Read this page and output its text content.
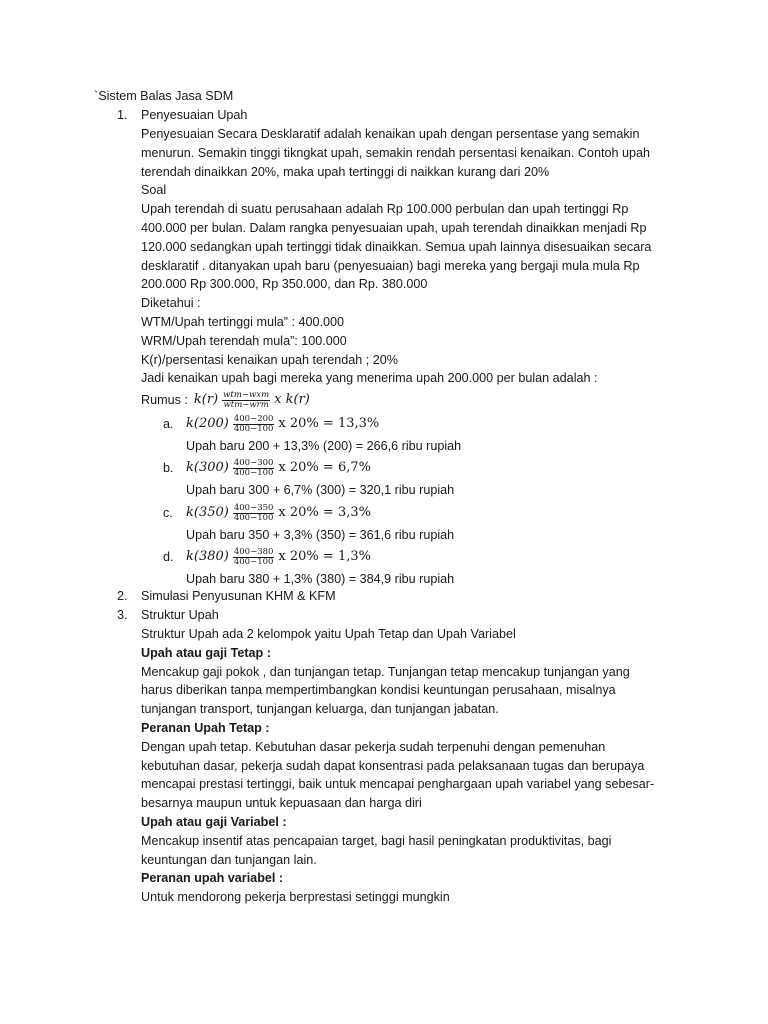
`Sistem Balas Jasa SDM
1. Penyesuaian Upah

Penyesuaian Secara Desklaratif adalah kenaikan upah dengan persentase yang semakin

menurun. Semakin tinggi tikngkat upah, semakin rendah persentasi kenaikan. Contoh upah

terendah dinaikkan 20%, maka upah tertinggi di naikkan kurang dari 20%

Soal

Upah terendah di suatu perusahaan adalah Rp 100.000 perbulan dan upah tertinggi Rp

400.000 per bulan. Dalam rangka penyesuaian upah, upah terendah dinaikkan menjadi Rp

120.000 sedangkan upah tertinggi tidak dinaikkan. Semua upah lainnya disesuaikan secara

desklaratif . ditanyakan upah baru (penyesuaian) bagi mereka yang bergaji mula mula Rp

200.000 Rp 300.000, Rp 350.000, dan Rp. 380.000

Diketahui :

WTM/Upah tertinggi mula” : 400.000

WRM/Upah terendah mula”: 100.000

K(r)/persentasi kenaikan upah terendah ; 20%

Jadi kenaikan upah bagi mereka yang menerima upah 200.000 per bulan adalah :

Rumus : $k(r) \frac{\text{wtm−wxm}}{\text{wtm−wrm}}$ x k(r)
a. $k(200) \frac{400-200}{400-100}$ x 20% = 13,3%
Upah baru 200 + 13,3% (200) = 266,6 ribu rupiah
b. $k(300) \frac{400-300}{400-100}$ x 20% = 6,7%
Upah baru 300 + 6,7% (300) = 320,1 ribu rupiah
c. $k(350) \frac{400-350}{400-100}$ x 20% = 3,3%
Upah baru 350 + 3,3% (350) = 361,6 ribu rupiah
d. $k(380) \frac{400-380}{400-100}$ x 20% = 1,3%
Upah baru 380 + 1,3% (380) = 384,9 ribu rupiah
2. Simulasi Penyusunan KHM & KFM
3. Struktur Upah

Struktur Upah ada 2 kelompok yaitu Upah Tetap dan Upah Variabel

Upah atau gaji Tetap :

Mencakup gaji pokok , dan tunjangan tetap. Tunjangan tetap mencakup tunjangan yang

harus diberikan tanpa mempertimbangkan kondisi keuntungan perusahaan, misalnya

tunjangan transport, tunjangan keluarga, dan tunjangan jabatan.

Peranan Upah Tetap :

Dengan upah tetap. Kebutuhan dasar pekerja sudah terpenuhi dengan pemenuhan

kebutuhan dasar, pekerja sudah dapat konsentrasi pada pelaksanaan tugas dan berupaya

mencapai prestasi tertinggi, baik untuk mencapai penghargaan upah variabel yang sebesar-

besarnya maupun untuk kepuasaan dan harga diri

Upah atau gaji Variabel :

Mencakup insentif atas pencapaian target, bagi hasil peningkatan produktivitas, bagi

keuntungan dan tunjangan lain.

Peranan upah variabel :

Untuk mendorong pekerja berprestasi setinggi mungkin
